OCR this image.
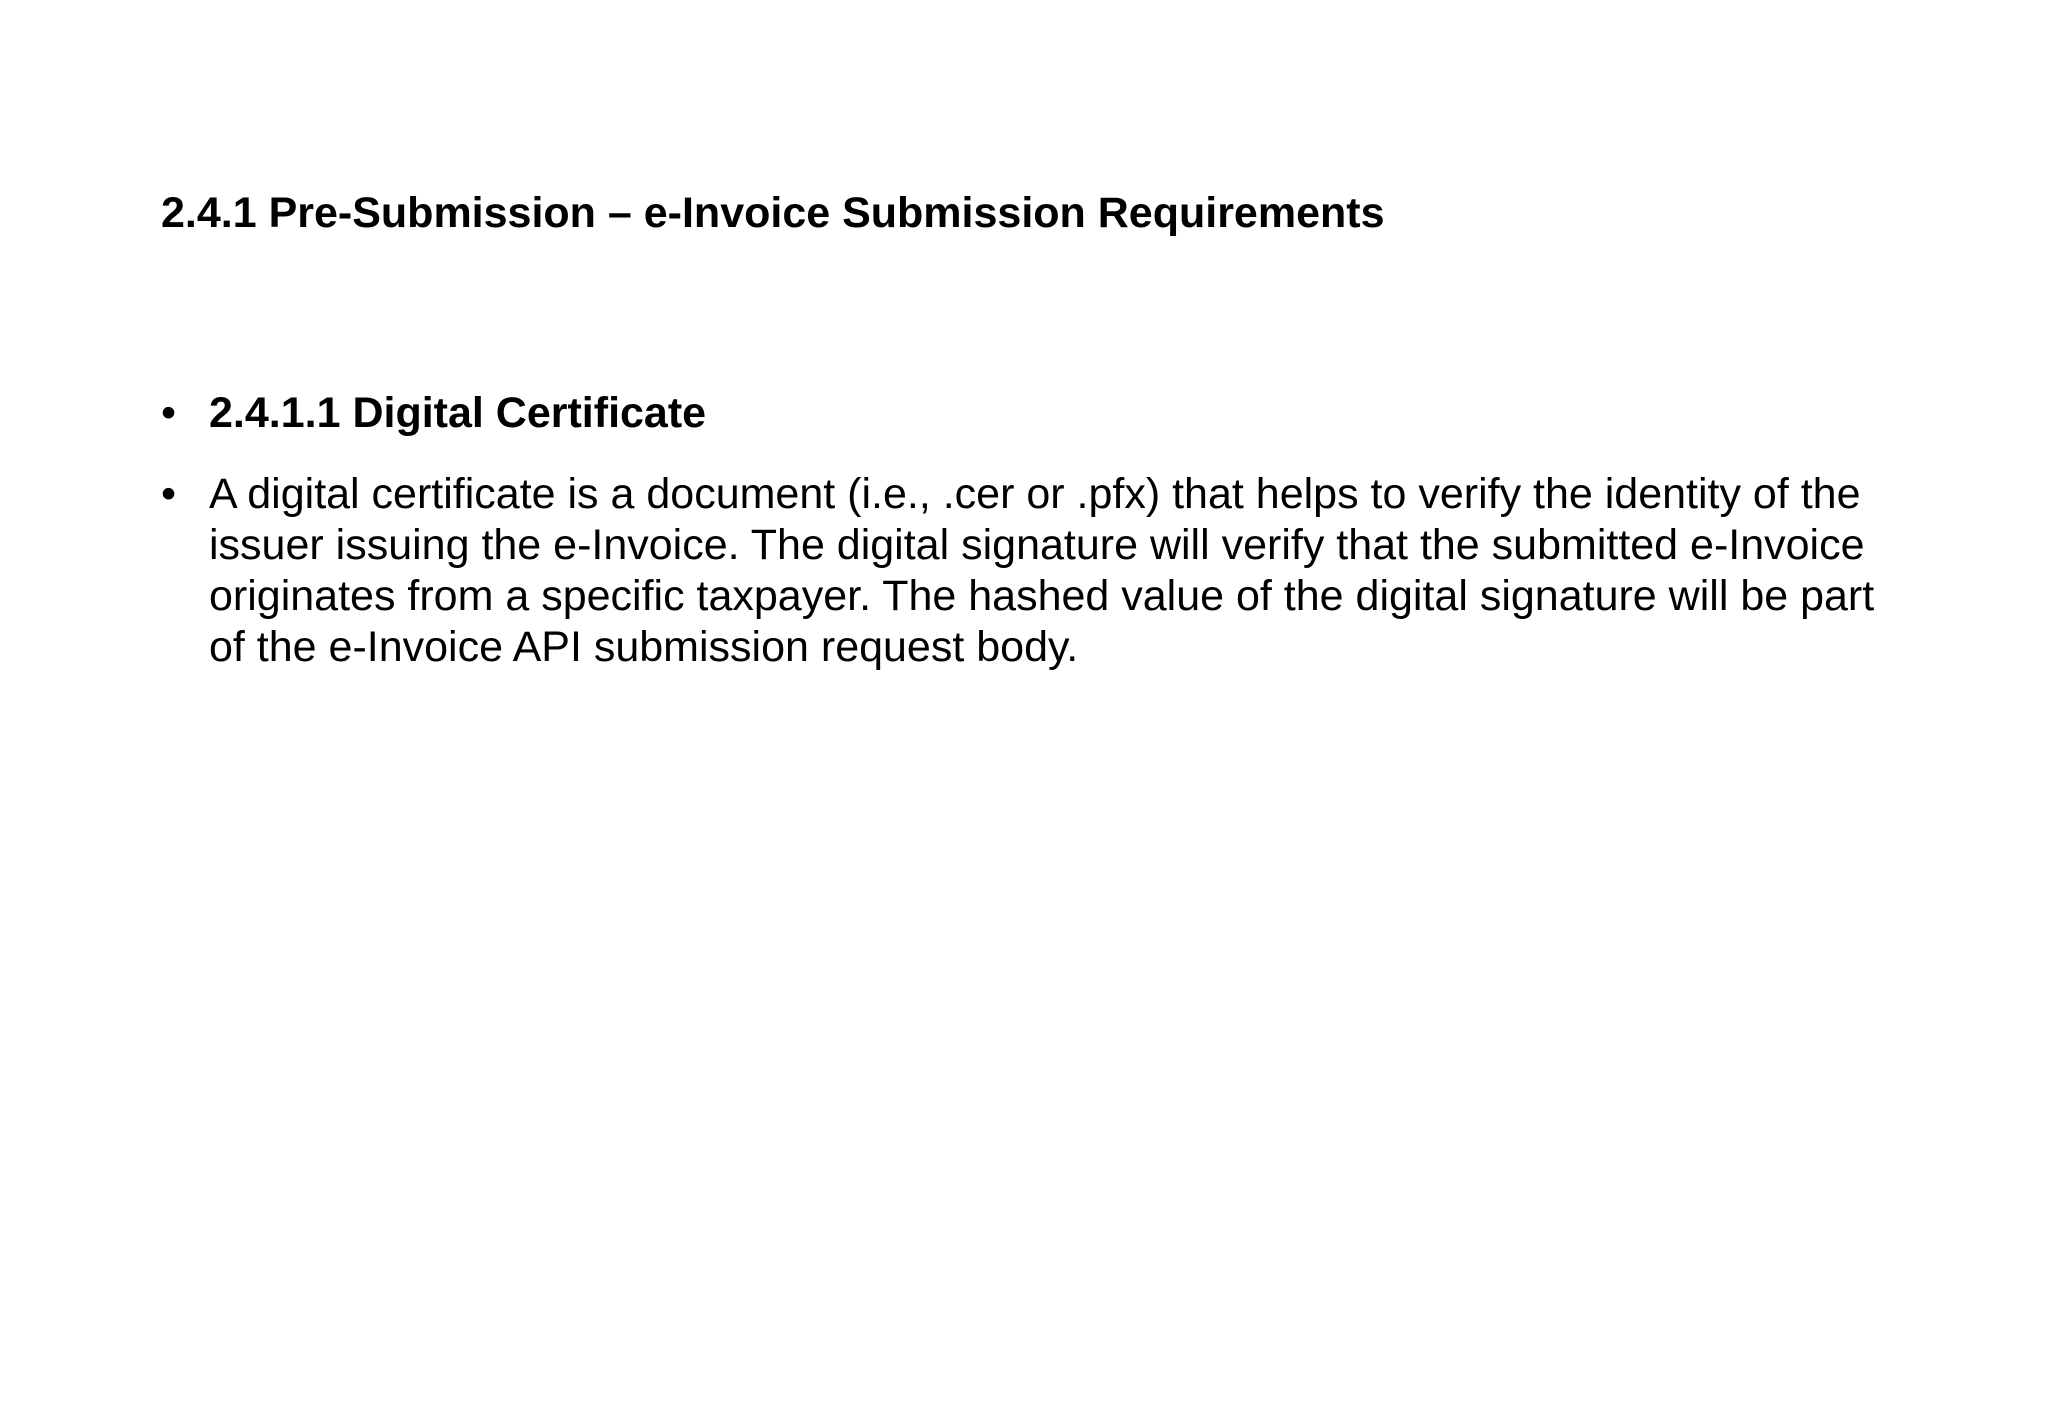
2.4.1 Pre-Submission – e-Invoice Submission Requirements
• 2.4.1.1 Digital Certificate
• A digital certificate is a document (i.e., .cer or .pfx) that helps to verify the identity of the issuer issuing the e-Invoice. The digital signature will verify that the submitted e-Invoice originates from a specific taxpayer. The hashed value of the digital signature will be part of the e-Invoice API submission request body.
